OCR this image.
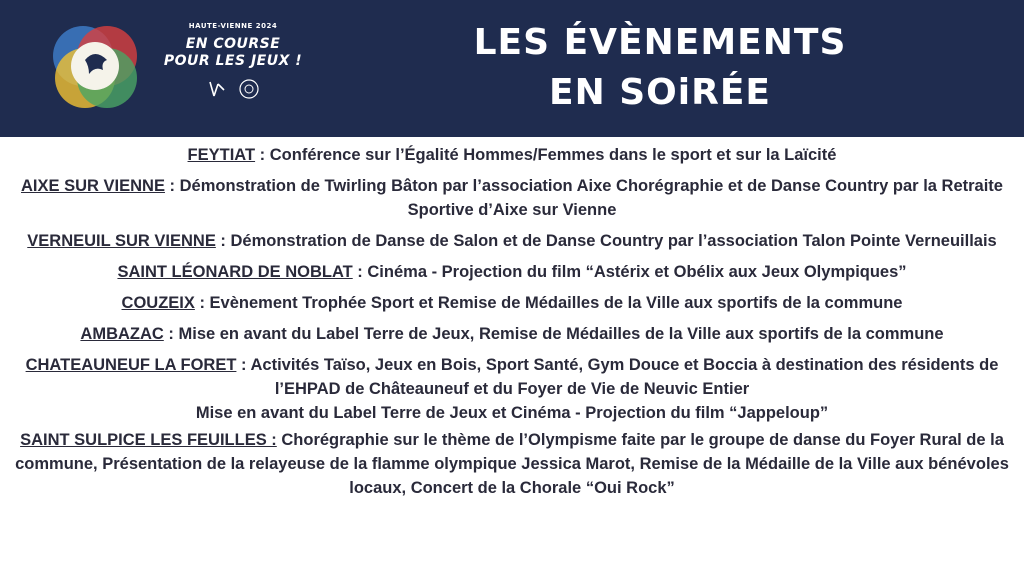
HAUTE-VIENNE 2024
EN COURSE
POUR LES JEUX !	LES ÉVÈNEMENTS
EN SOiRÉE
FEYTIAT : Conférence sur l’Égalité Hommes/Femmes dans le sport et sur la Laïcité
AIXE SUR VIENNE : Démonstration de Twirling Bâton par l’association Aixe Chorégraphie et de Danse Country par la Retraite Sportive d’Aixe sur Vienne
VERNEUIL SUR VIENNE : Démonstration de Danse de Salon et de Danse Country par l’association Talon Pointe Verneuillais
SAINT LÉONARD DE NOBLAT : Cinéma - Projection du film “Astérix et Obélix aux Jeux Olympiques”
COUZEIX : Evènement Trophée Sport et Remise de Médailles de la Ville aux sportifs de la commune
AMBAZAC : Mise en avant du Label Terre de Jeux, Remise de Médailles de la Ville aux sportifs de la commune
CHATEAUNEUF LA FORET : Activités Taïso, Jeux en Bois, Sport Santé, Gym Douce et Boccia à destination des résidents de l’EHPAD de Châteauneuf et du Foyer de Vie de Neuvic Entier
Mise en avant du Label Terre de Jeux et Cinéma - Projection du film “Jappeloup”
SAINT SULPICE LES FEUILLES : Chorégraphie sur le thème de l’Olympisme faite par le groupe de danse du Foyer Rural de la commune, Présentation de la relayeuse de la flamme olympique Jessica Marot, Remise de la Médaille de la Ville aux bénévoles locaux, Concert de la Chorale “Oui Rock”
